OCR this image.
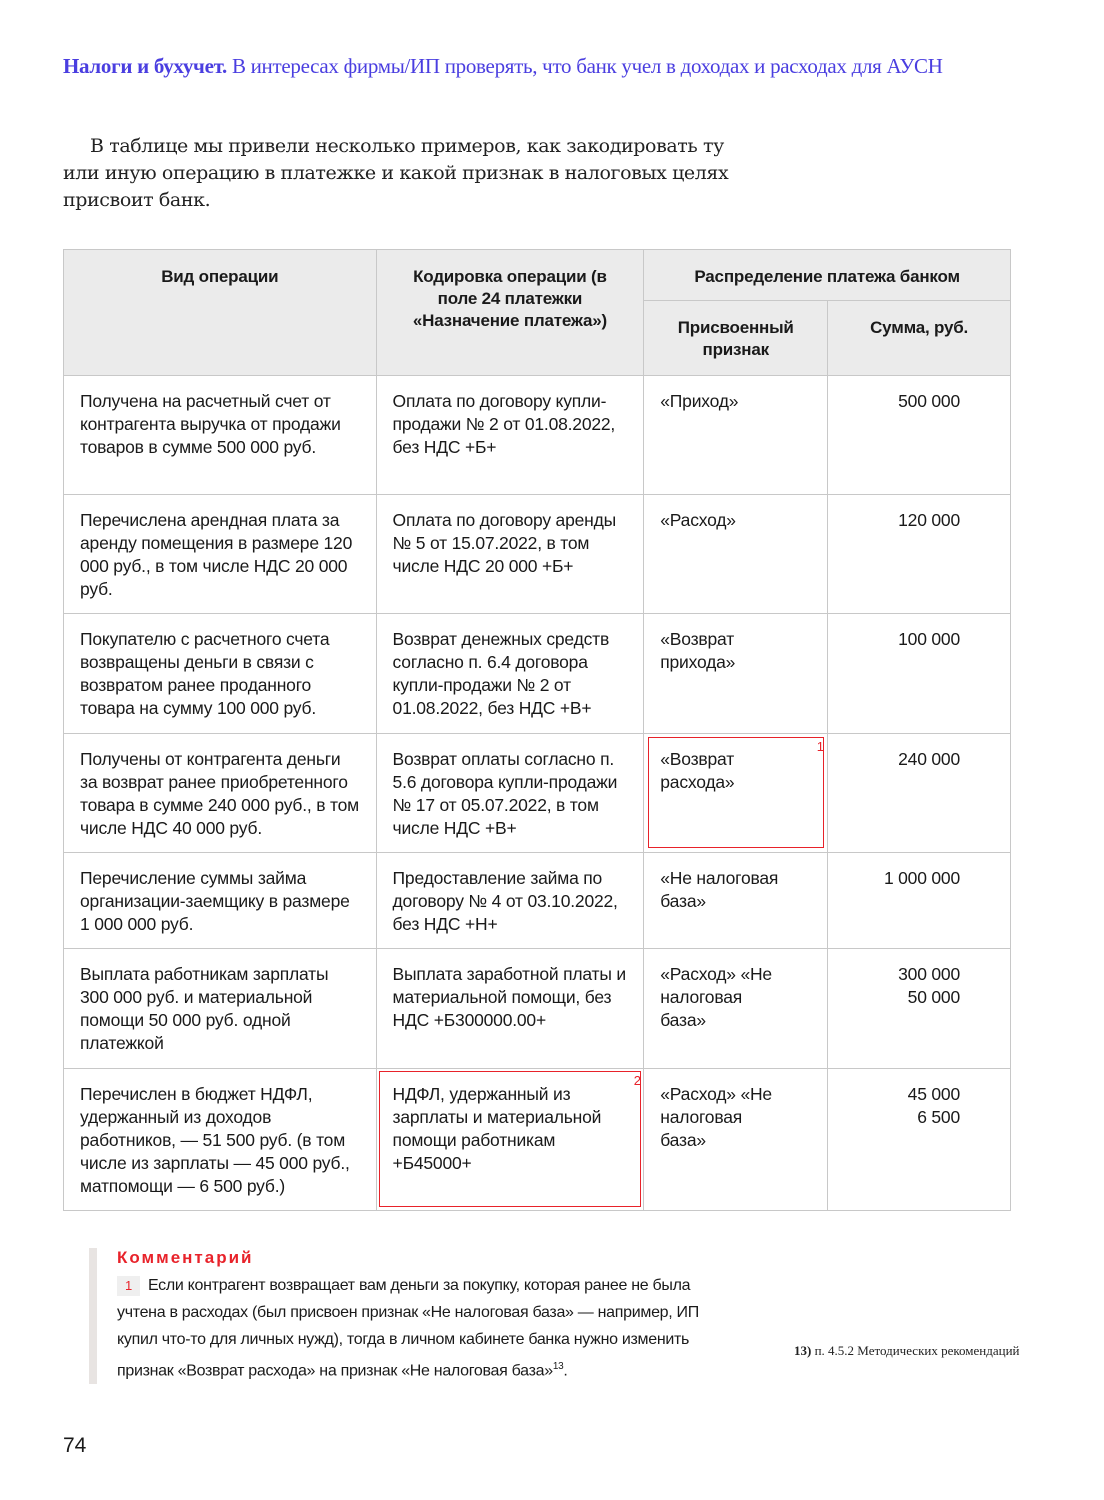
Налоги и бухучет. В интересах фирмы/ИП проверять, что банк учел в доходах и расходах для АУСН

В таблице мы привели несколько примеров, как закодировать ту или иную операцию в платежке и какой признак в налоговых целях присвоит банк.

Вид операции	Кодировка операции (в поле 24 платежки «Назначение платежа»)	Распределение платежа банком	

		Присвоенный признак	Сумма, руб.

Получена на расчетный счет от контрагента выручка от продажи товаров в сумме 500 000 руб.	Оплата по договору купли-продажи № 2 от 01.08.2022, без НДС +Б+	«Приход»	500 000

Перечислена арендная плата за аренду помещения в размере 120 000 руб., в том числе НДС 20 000 руб.	Оплата по договору аренды № 5 от 15.07.2022, в том числе НДС 20 000 +Б+	«Расход»	120 000

Покупателю с расчетного счета возвращены деньги в связи с возвратом ранее проданного товара на сумму 100 000 руб.	Возврат денежных средств согласно п. 6.4 договора купли-продажи № 2 от 01.08.2022, без НДС +В+	«Возврат прихода»	100 000

Получены от контрагента деньги за возврат ранее приобретенного товара в сумме 240 000 руб., в том числе НДС 40 000 руб.	Возврат оплаты согласно п. 5.6 договора купли-продажи № 17 от 05.07.2022, в том числе НДС +В+	«Возврат расхода»	240 000

Перечисление суммы займа организации-заемщику в размере 1 000 000 руб.	Предоставление займа по договору № 4 от 03.10.2022, без НДС +Н+	«Не налоговая база»	1 000 000

Выплата работникам зарплаты 300 000 руб. и материальной помощи 50 000 руб. одной платежкой	Выплата заработной платы и материальной помощи, без НДС +Б300000.00+	«Расход» «Не налоговая база»	300 000
50 000

Перечислен в бюджет НДФЛ, удержанный из доходов работников, — 51 500 руб. (в том числе из зарплаты — 45 000 руб., матпомощи — 6 500 руб.)	НДФЛ, удержанный из зарплаты и материальной помощи работникам +Б45000+	«Расход» «Не налоговая база»	45 000
6 500
1
2
Комментарий
1 Если контрагент возвращает вам деньги за покупку, которая ранее не была учтена в расходах (был присвоен признак «Не налоговая база» — например, ИП купил что-то для личных нужд), тогда в личном кабинете банка нужно изменить признак «Возврат расхода» на признак «Не налоговая база»$^{13}$.
13) п. 4.5.2 Методических рекомендаций
74
